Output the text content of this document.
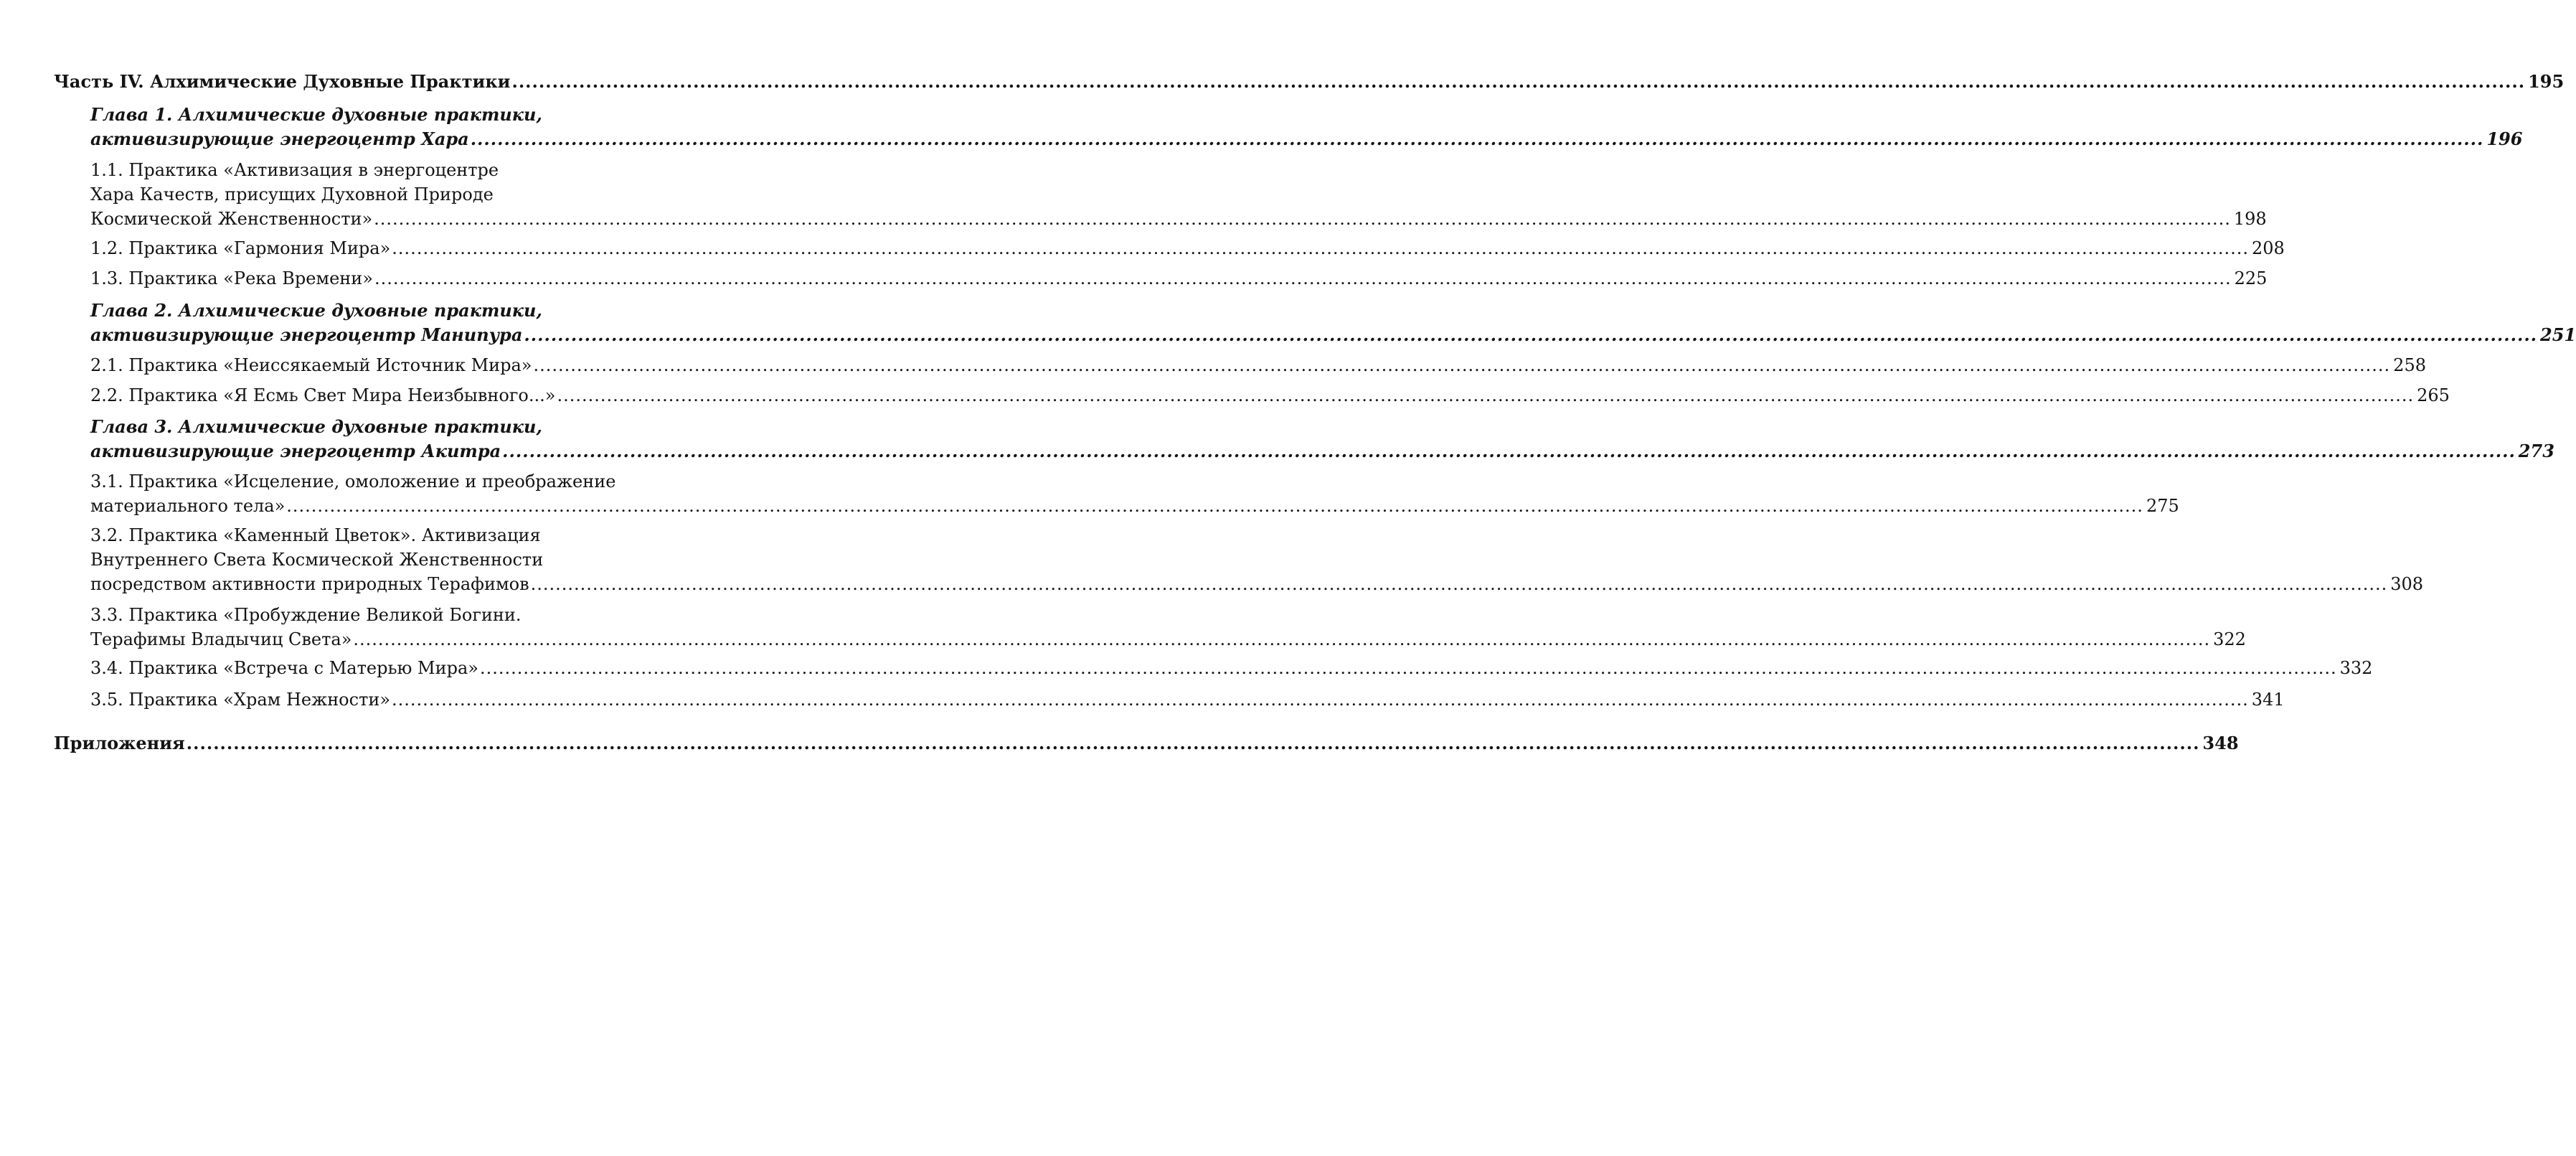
Часть IV. Алхимические Духовные Практики ............................................................................................................................................................................................................................................................................................................ 195
Глава 1. Алхимические духовные практики,
активизирующие энергоцентр Хара ............................................................................................................................................................................................................................................................................................................ 196
1.1. Практика «Активизация в энергоцентре
Хара Качеств, присущих Духовной Природе
Космической Женственности» ............................................................................................................................................................................................................................................................................................................ 198
1.2. Практика «Гармония Мира» ............................................................................................................................................................................................................................................................................................................ 208
1.3. Практика «Река Времени» ............................................................................................................................................................................................................................................................................................................ 225
Глава 2. Алхимические духовные практики,
активизирующие энергоцентр Манипура ............................................................................................................................................................................................................................................................................................................ 251
2.1. Практика «Неиссякаемый Источник Мира» ............................................................................................................................................................................................................................................................................................................ 258
2.2. Практика «Я Есмь Свет Мира Неизбывного...» ............................................................................................................................................................................................................................................................................................................ 265
Глава 3. Алхимические духовные практики,
активизирующие энергоцентр Акитра ............................................................................................................................................................................................................................................................................................................ 273
3.1. Практика «Исцеление, омоложение и преображение
материального тела» ............................................................................................................................................................................................................................................................................................................ 275
3.2. Практика «Каменный Цветок». Активизация
Внутреннего Света Космической Женственности
посредством активности природных Терафимов ............................................................................................................................................................................................................................................................................................................ 308
3.3. Практика «Пробуждение Великой Богини.
Терафимы Владычиц Света» ............................................................................................................................................................................................................................................................................................................ 322
3.4. Практика «Встреча с Матерью Мира» ............................................................................................................................................................................................................................................................................................................ 332
3.5. Практика «Храм Нежности» ............................................................................................................................................................................................................................................................................................................ 341
Приложения ............................................................................................................................................................................................................................................................................................................ 348
